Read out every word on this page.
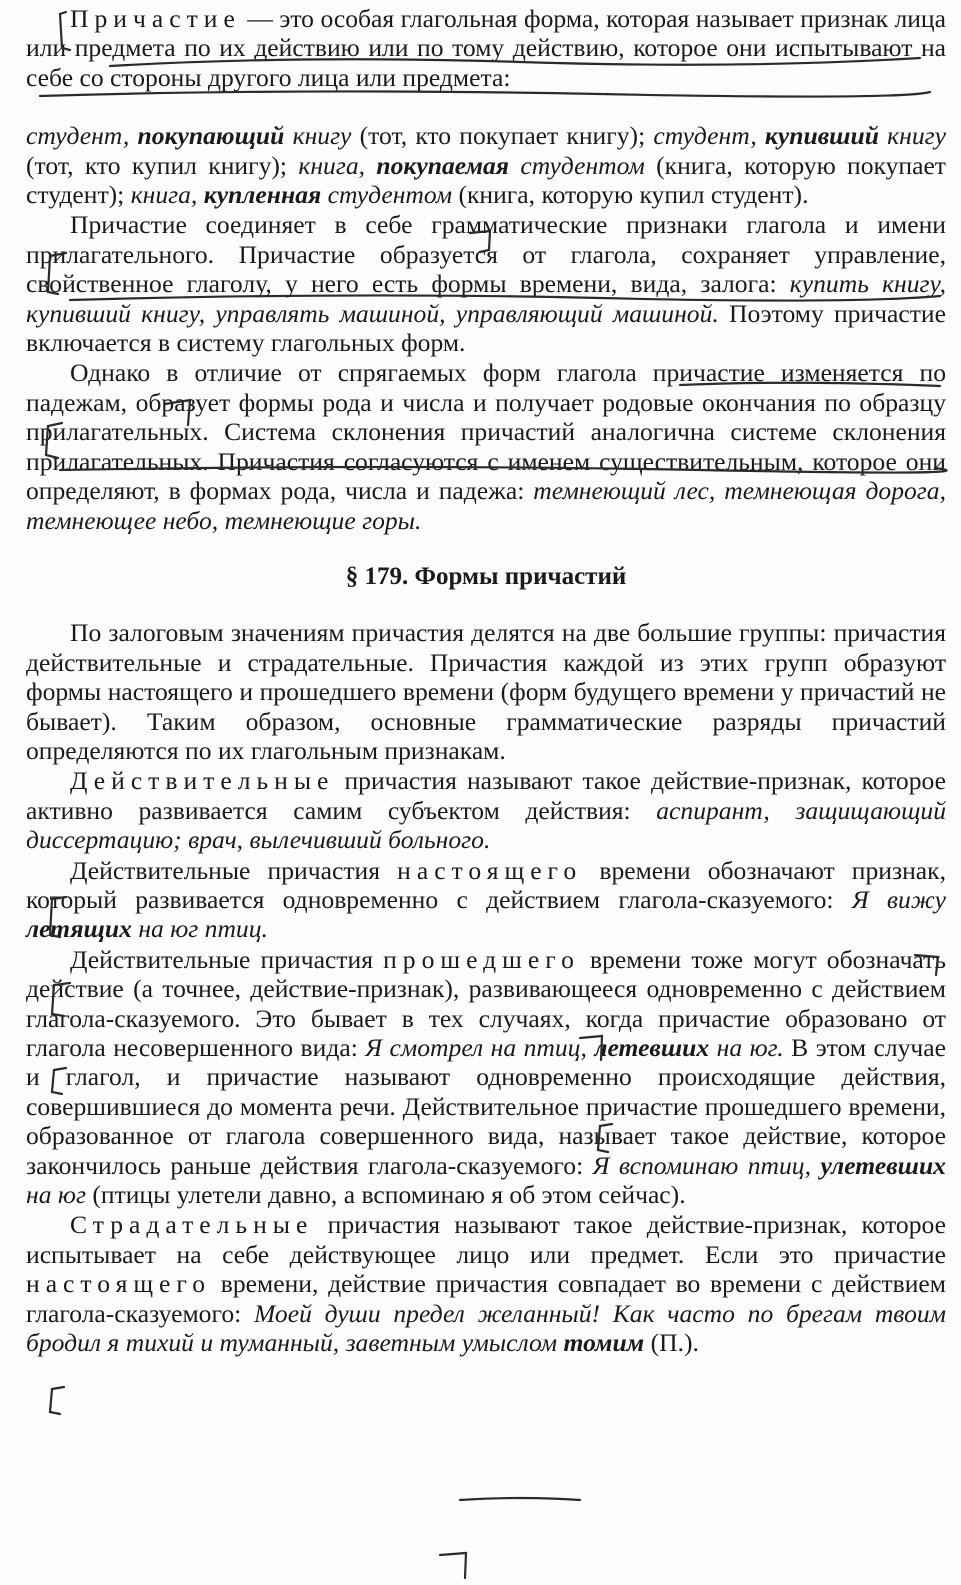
Причастие — это особая глагольная форма, которая называет признак лица или предмета по их действию или по тому действию, которое они испытывают на себе со стороны другого лица или предмета:

студент, покупающий книгу (тот, кто покупает книгу); студент, купивший книгу (тот, кто купил книгу); книга, покупаемая студентом (книга, которую покупает студент); книга, купленная студентом (книга, которую купил студент).

Причастие соединяет в себе грамматические признаки глагола и имени прилагательного. Причастие образуется от глагола, сохраняет управление, свойственное глаголу, у него есть формы времени, вида, залога: купить книгу, купивший книгу, управлять машиной, управляющий машиной. Поэтому причастие включается в систему глагольных форм.

Однако в отличие от спрягаемых форм глагола причастие изменяется по падежам, образует формы рода и числа и получает родовые окончания по образцу прилагательных. Система склонения причастий аналогична системе склонения прилагательных. Причастия согласуются с именем существительным, которое они определяют, в формах рода, числа и падежа: темнеющий лес, темнеющая дорога, темнеющее небо, темнеющие горы.

§ 179. Формы причастий

По залоговым значениям причастия делятся на две большие группы: причастия действительные и страдательные. Причастия каждой из этих групп образуют формы настоящего и прошедшего времени (форм будущего времени у причастий не бывает). Таким образом, основные грамматические разряды причастий определяются по их глагольным признакам.

Действительные причастия называют такое действие-признак, которое активно развивается самим субъектом действия: аспирант, защищающий диссертацию; врач, вылечивший больного.

Действительные причастия настоящего времени обозначают признак, который развивается одновременно с действием глагола-сказуемого: Я вижу летящих на юг птиц.

Действительные причастия прошедшего времени тоже могут обозначать действие (а точнее, действие-признак), развивающееся одновременно с действием глагола-сказуемого. Это бывает в тех случаях, когда причастие образовано от глагола несовершенного вида: Я смотрел на птиц, летевших на юг. В этом случае и глагол, и причастие называют одновременно происходящие действия, совершившиеся до момента речи. Действительное причастие прошедшего времени, образованное от глагола совершенного вида, называет такое действие, которое закончилось раньше действия глагола-сказуемого: Я вспоминаю птиц, улетевших на юг (птицы улетели давно, а вспоминаю я об этом сейчас).

Страдательные причастия называют такое действие-признак, которое испытывает на себе действующее лицо или предмет. Если это причастие настоящего времени, действие причастия совпадает во времени с действием глагола-сказуемого: Моей души предел желанный! Как часто по брегам твоим бродил я тихий и туманный, заветным умыслом томим (П.).
